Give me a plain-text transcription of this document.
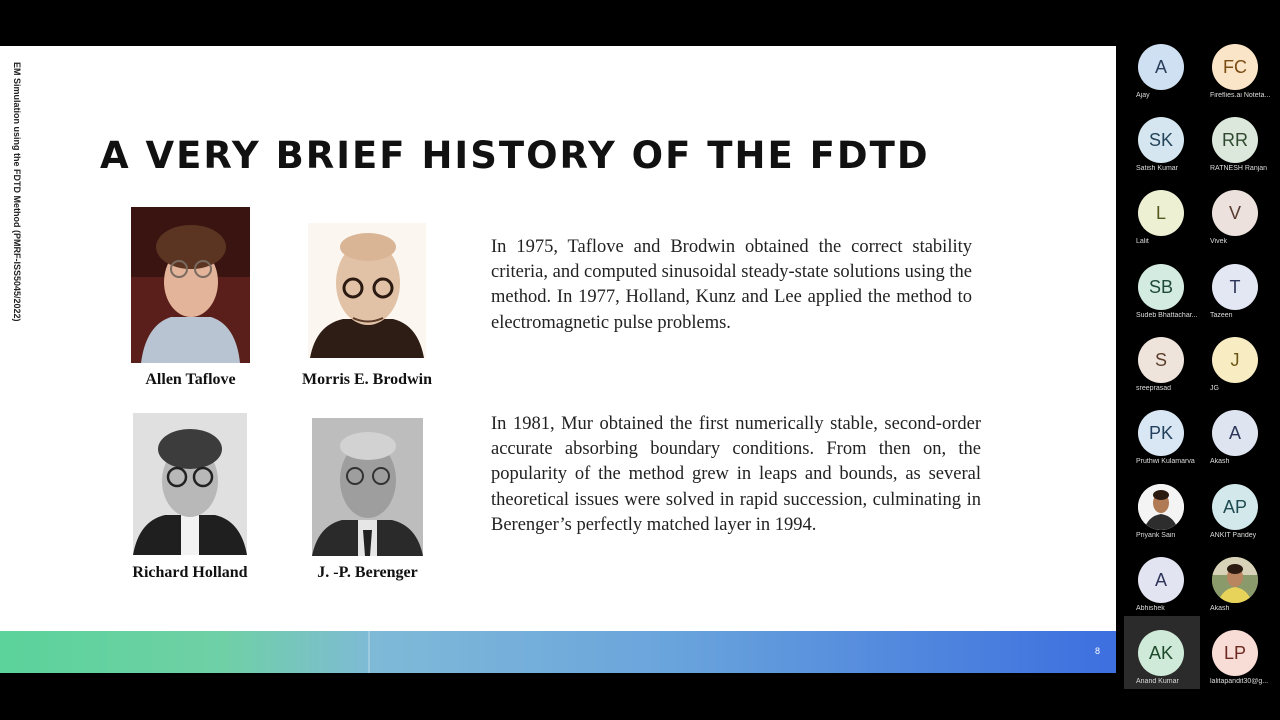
EM Simulation using the FDTD Method (PMRF-ISS5045/2022) A VERY BRIEF HISTORY OF THE FDTD
Allen Taflove	Morris E. Brodwin
Richard Holland	J. -P. Berenger

In 1975, Taflove and Brodwin obtained the correct stability criteria, and computed sinusoidal steady-state solutions using the method. In 1977, Holland, Kunz and Lee applied the method to electromagnetic pulse problems.

In 1981, Mur obtained the first numerically stable, second-order accurate absorbing boundary conditions. From then on, the popularity of the method grew in leaps and bounds, as several theoretical issues were solved in rapid succession, culminating in Berenger’s perfectly matched layer in 1994.

8
A
Ajay
FC
Fireflies.ai Noteta...
SK
Satish Kumar
RR
RATNESH Ranjan
L
Lalit
V
Vivek
SB
Sudeb Bhattachar...
T
Tazeen
S
sreeprasad
J
JG
PK
Pruthwi Kulamarva
A
Akash
Priyank Sain
AP
ANKIT Pandey
A
Abhishek	Akash
AK
Anand Kumar
LP
lalitapandit30@g...
